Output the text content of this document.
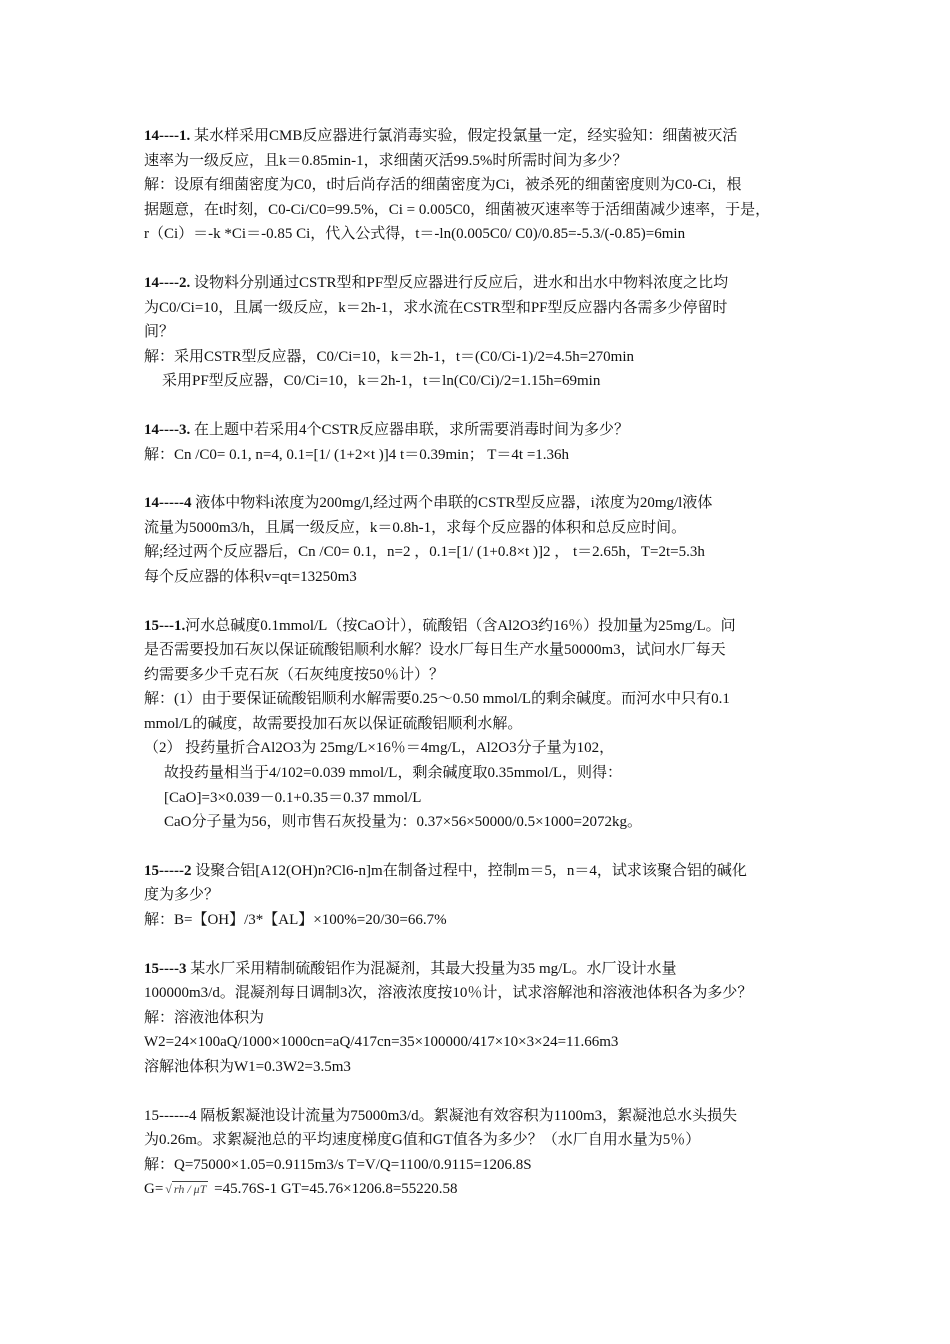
14----1. 某水样采用CMB反应器进行氯消毒实验，假定投氯量一定，经实验知：细菌被灭活
速率为一级反应，且k＝0.85min-1，求细菌灭活99.5%时所需时间为多少？
解：设原有细菌密度为C0，t时后尚存活的细菌密度为Ci，被杀死的细菌密度则为C0-Ci，根
据题意，在t时刻，C0-Ci/C0=99.5%，Ci = 0.005C0，细菌被灭速率等于活细菌减少速率，于是，
r（Ci）＝-k *Ci＝-0.85 Ci，代入公式得，t＝-ln(0.005C0/ C0)/0.85=-5.3/(-0.85)=6min
14----2. 设物料分别通过CSTR型和PF型反应器进行反应后，进水和出水中物料浓度之比均
为C0/Ci=10，且属一级反应，k＝2h-1，求水流在CSTR型和PF型反应器内各需多少停留时
间？
解：采用CSTR型反应器，C0/Ci=10，k＝2h-1，t＝(C0/Ci-1)/2=4.5h=270min
采用PF型反应器，C0/Ci=10，k＝2h-1，t＝ln(C0/Ci)/2=1.15h=69min
14----3. 在上题中若采用4个CSTR反应器串联，求所需要消毒时间为多少？
解：Cn /C0= 0.1, n=4, 0.1=[1/ (1+2×t )]4 t＝0.39min； T＝4t =1.36h
14-----4 液体中物料i浓度为200mg/l,经过两个串联的CSTR型反应器，i浓度为20mg/l液体
流量为5000m3/h，且属一级反应，k＝0.8h-1，求每个反应器的体积和总反应时间。
解;经过两个反应器后，Cn /C0= 0.1，n=2 ，0.1=[1/ (1+0.8×t )]2 ， t＝2.65h，T=2t=5.3h
每个反应器的体积v=qt=13250m3
15---1.河水总碱度0.1mmol/L（按CaO计），硫酸铝（含Al2O3约16％）投加量为25mg/L。问
是否需要投加石灰以保证硫酸铝顺利水解？设水厂每日生产水量50000m3，试问水厂每天
约需要多少千克石灰（石灰纯度按50％计）？
解：(1）由于要保证硫酸铝顺利水解需要0.25～0.50 mmol/L的剩余碱度。而河水中只有0.1
mmol/L的碱度，故需要投加石灰以保证硫酸铝顺利水解。
（2） 投药量折合Al2O3为 25mg/L×16％＝4mg/L，Al2O3分子量为102，
故投药量相当于4/102=0.039 mmol/L，剩余碱度取0.35mmol/L，则得：
[CaO]=3×0.039－0.1+0.35＝0.37 mmol/L
CaO分子量为56，则市售石灰投量为：0.37×56×50000/0.5×1000=2072kg。
15-----2 设聚合铝[A12(OH)n?Cl6-n]m在制备过程中，控制m＝5，n＝4，试求该聚合铝的碱化
度为多少？
解：B=【OH】/3*【AL】×100%=20/30=66.7%
15----3 某水厂采用精制硫酸铝作为混凝剂，其最大投量为35 mg/L。水厂设计水量
100000m3/d。混凝剂每日调制3次，溶液浓度按10％计，试求溶解池和溶液池体积各为多少？
解：溶液池体积为
W2=24×100aQ/1000×1000cn=aQ/417cn=35×100000/417×10×3×24=11.66m3
溶解池体积为W1=0.3W2=3.5m3
15------4 隔板絮凝池设计流量为75000m3/d。絮凝池有效容积为1100m3，絮凝池总水头损失
为0.26m。求絮凝池总的平均速度梯度G值和GT值各为多少？（水厂自用水量为5％）
解：Q=75000×1.05=0.9115m3/s T=V/Q=1100/0.9115=1206.8S
G= √ rh / μT =45.76S-1 GT=45.76×1206.8=55220.58
